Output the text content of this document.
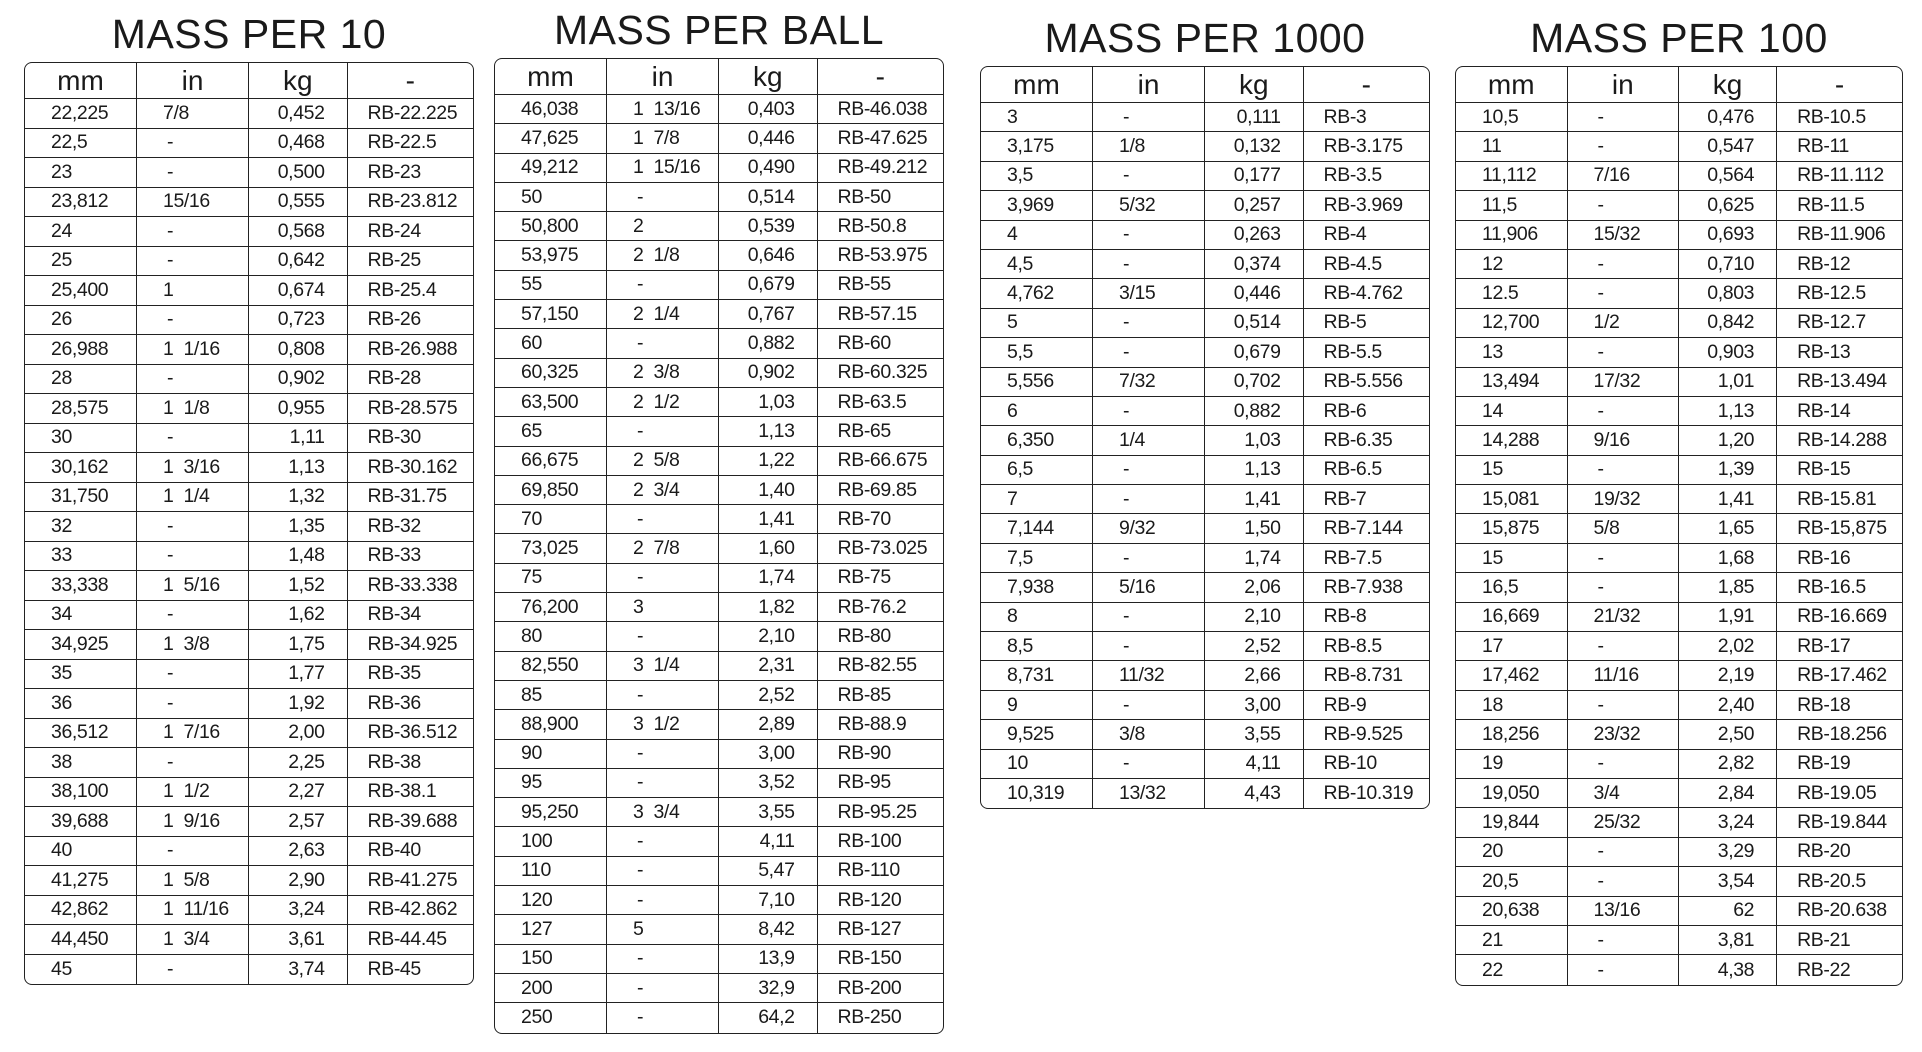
MASS PER 10
mm	in	kg	-
22,225	7/8	0,452	RB-22.225
22,5	-	0,468	RB-22.5
23	-	0,500	RB-23
23,812	15/16	0,555	RB-23.812
24	-	0,568	RB-24
25	-	0,642	RB-25
25,400	1	0,674	RB-25.4
26	-	0,723	RB-26
26,988	1  1/16	0,808	RB-26.988
28	-	0,902	RB-28
28,575	1  1/8	0,955	RB-28.575
30	-	1,11	RB-30
30,162	1  3/16	1,13	RB-30.162
31,750	1  1/4	1,32	RB-31.75
32	-	1,35	RB-32
33	-	1,48	RB-33
33,338	1  5/16	1,52	RB-33.338
34	-	1,62	RB-34
34,925	1  3/8	1,75	RB-34.925
35	-	1,77	RB-35
36	-	1,92	RB-36
36,512	1  7/16	2,00	RB-36.512
38	-	2,25	RB-38
38,100	1  1/2	2,27	RB-38.1
39,688	1  9/16	2,57	RB-39.688
40	-	2,63	RB-40
41,275	1  5/8	2,90	RB-41.275
42,862	1  11/16	3,24	RB-42.862
44,450	1  3/4	3,61	RB-44.45
45	-	3,74	RB-45
MASS PER BALL
mm	in	kg	-
46,038	1  13/16	0,403	RB-46.038
47,625	1  7/8	0,446	RB-47.625
49,212	1  15/16	0,490	RB-49.212
50	-	0,514	RB-50
50,800	2	0,539	RB-50.8
53,975	2  1/8	0,646	RB-53.975
55	-	0,679	RB-55
57,150	2  1/4	0,767	RB-57.15
60	-	0,882	RB-60
60,325	2  3/8	0,902	RB-60.325
63,500	2  1/2	1,03	RB-63.5
65	-	1,13	RB-65
66,675	2  5/8	1,22	RB-66.675
69,850	2  3/4	1,40	RB-69.85
70	-	1,41	RB-70
73,025	2  7/8	1,60	RB-73.025
75	-	1,74	RB-75
76,200	3	1,82	RB-76.2
80	-	2,10	RB-80
82,550	3  1/4	2,31	RB-82.55
85	-	2,52	RB-85
88,900	3  1/2	2,89	RB-88.9
90	-	3,00	RB-90
95	-	3,52	RB-95
95,250	3  3/4	3,55	RB-95.25
100	-	4,11	RB-100
110	-	5,47	RB-110
120	-	7,10	RB-120
127	5	8,42	RB-127
150	-	13,9	RB-150
200	-	32,9	RB-200
250	-	64,2	RB-250
MASS PER 1000
mm	in	kg	-
3	-	0,111	RB-3
3,175	1/8	0,132	RB-3.175
3,5	-	0,177	RB-3.5
3,969	5/32	0,257	RB-3.969
4	-	0,263	RB-4
4,5	-	0,374	RB-4.5
4,762	3/15	0,446	RB-4.762
5	-	0,514	RB-5
5,5	-	0,679	RB-5.5
5,556	7/32	0,702	RB-5.556
6	-	0,882	RB-6
6,350	1/4	1,03	RB-6.35
6,5	-	1,13	RB-6.5
7	-	1,41	RB-7
7,144	9/32	1,50	RB-7.144
7,5	-	1,74	RB-7.5
7,938	5/16	2,06	RB-7.938
8	-	2,10	RB-8
8,5	-	2,52	RB-8.5
8,731	11/32	2,66	RB-8.731
9	-	3,00	RB-9
9,525	3/8	3,55	RB-9.525
10	-	4,11	RB-10
10,319	13/32	4,43	RB-10.319
MASS PER 100
mm	in	kg	-
10,5	-	0,476	RB-10.5
11	-	0,547	RB-11
11,112	7/16	0,564	RB-11.112
11,5	-	0,625	RB-11.5
11,906	15/32	0,693	RB-11.906
12	-	0,710	RB-12
12.5	-	0,803	RB-12.5
12,700	1/2	0,842	RB-12.7
13	-	0,903	RB-13
13,494	17/32	1,01	RB-13.494
14	-	1,13	RB-14
14,288	9/16	1,20	RB-14.288
15	-	1,39	RB-15
15,081	19/32	1,41	RB-15.81
15,875	5/8	1,65	RB-15,875
15	-	1,68	RB-16
16,5	-	1,85	RB-16.5
16,669	21/32	1,91	RB-16.669
17	-	2,02	RB-17
17,462	11/16	2,19	RB-17.462
18	-	2,40	RB-18
18,256	23/32	2,50	RB-18.256
19	-	2,82	RB-19
19,050	3/4	2,84	RB-19.05
19,844	25/32	3,24	RB-19.844
20	-	3,29	RB-20
20,5	-	3,54	RB-20.5
20,638	13/16	62	RB-20.638
21	-	3,81	RB-21
22	-	4,38	RB-22
